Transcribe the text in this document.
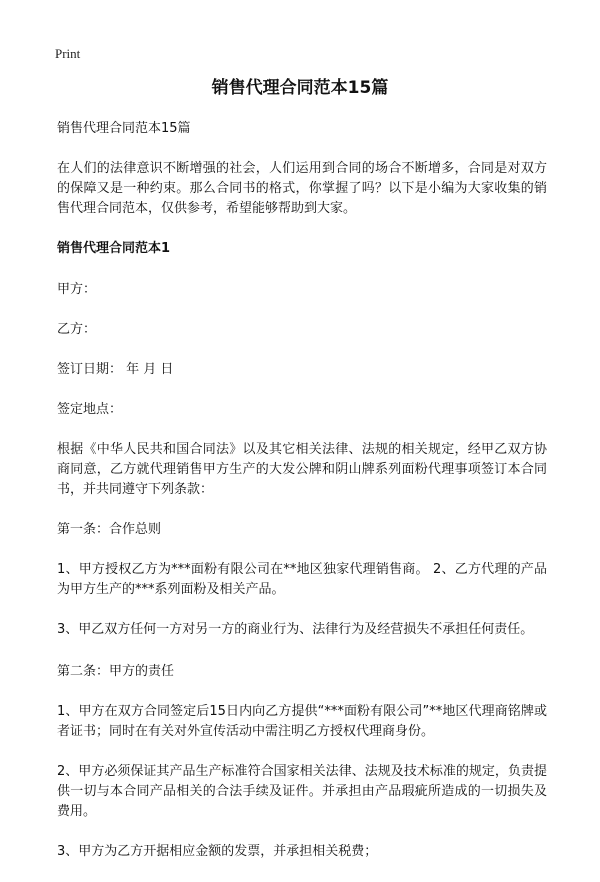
Print
销售代理合同范本15篇

销售代理合同范本15篇

在人们的法律意识不断增强的社会，人们运用到合同的场合不断增多，合同是对双方的保障又是一种约束。那么合同书的格式，你掌握了吗？以下是小编为大家收集的销售代理合同范本，仅供参考，希望能够帮助到大家。

销售代理合同范本1

甲方：

乙方：

签订日期： 年 月 日

签定地点：

根据《中华人民共和国合同法》以及其它相关法律、法规的相关规定，经甲乙双方协商同意，乙方就代理销售甲方生产的大发公牌和阴山牌系列面粉代理事项签订本合同书，并共同遵守下列条款：

第一条：合作总则

1、甲方授权乙方为***面粉有限公司在**地区独家代理销售商。 2、乙方代理的产品为甲方生产的***系列面粉及相关产品。

3、甲乙双方任何一方对另一方的商业行为、法律行为及经营损失不承担任何责任。

第二条：甲方的责任

1、甲方在双方合同签定后15日内向乙方提供“***面粉有限公司”**地区代理商铭牌或者证书；同时在有关对外宣传活动中需注明乙方授权代理商身份。

2、甲方必须保证其产品生产标准符合国家相关法律、法规及技术标准的规定，负责提供一切与本合同产品相关的合法手续及证件。并承担由产品瑕疵所造成的一切损失及费用。

3、甲方为乙方开据相应金额的发票，并承担相关税费；
